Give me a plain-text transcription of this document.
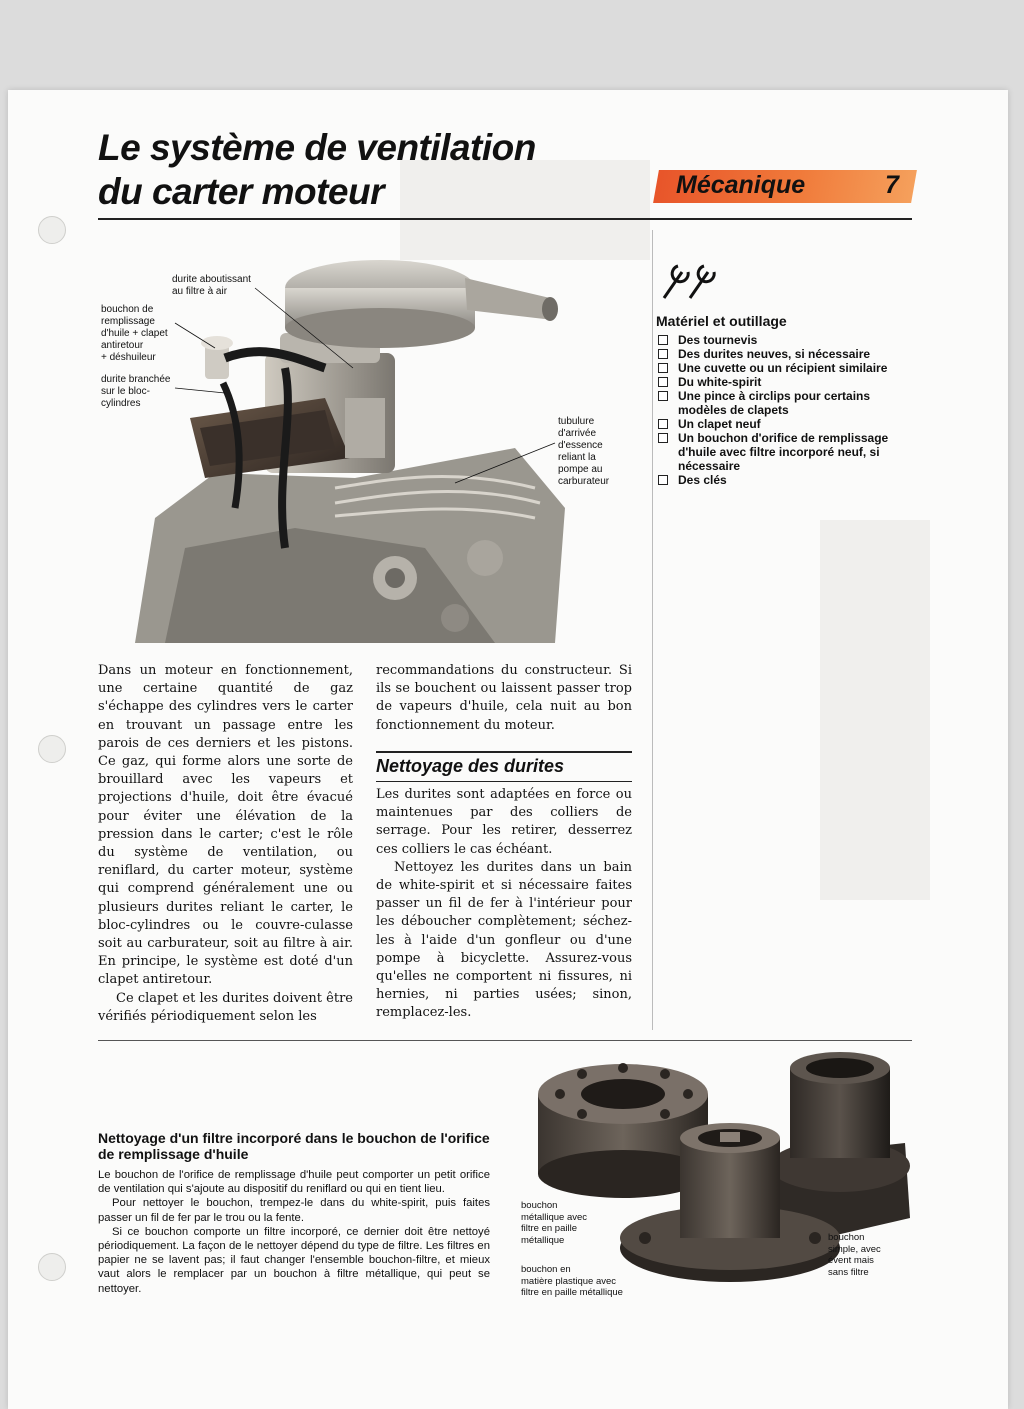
Le système de ventilation
du carter moteur	Mécanique	7
durite aboutissant
au filtre à air
bouchon de
remplissage
d'huile + clapet
antiretour
+ déshuileur
durite branchée
sur le bloc-
cylindres
tubulure
d'arrivée
d'essence
reliant la
pompe au
carburateur
Matériel et outillage
Des tournevis
Des durites neuves, si nécessaire
Une cuvette ou un récipient similaire
Du white-spirit
Une pince à circlips pour certains modèles de clapets
Un clapet neuf
Un bouchon d'orifice de remplissage d'huile avec filtre incorporé neuf, si nécessaire
Des clés

Dans un moteur en fonctionnement, une certaine quantité de gaz s'échappe des cylindres vers le carter en trouvant un passage entre les parois de ces derniers et les pistons. Ce gaz, qui forme alors une sorte de brouillard avec les vapeurs et projections d'huile, doit être évacué pour éviter une élévation de la pression dans le carter; c'est le rôle du système de ventilation, ou reniflard, du carter moteur, système qui comprend généralement une ou plusieurs durites reliant le carter, le bloc-cylindres ou le couvre-culasse soit au carburateur, soit au filtre à air. En principe, le système est doté d'un clapet antiretour.

Ce clapet et les durites doivent être vérifiés périodiquement selon les

recommandations du constructeur. Si ils se bouchent ou laissent passer trop de vapeurs d'huile, cela nuit au bon fonctionnement du moteur.

Nettoyage des durites

Les durites sont adaptées en force ou maintenues par des colliers de serrage. Pour les retirer, desserrez ces colliers le cas échéant.

Nettoyez les durites dans un bain de white-spirit et si nécessaire faites passer un fil de fer à l'intérieur pour les déboucher complètement; séchez-les à l'aide d'un gonfleur ou d'une pompe à bicyclette. Assurez-vous qu'elles ne comportent ni fissures, ni hernies, ni parties usées; sinon, remplacez-les.

Nettoyage d'un filtre incorporé dans le bouchon de l'orifice de remplissage d'huile

Le bouchon de l'orifice de remplissage d'huile peut comporter un petit orifice de ventilation qui s'ajoute au dispositif du reniflard ou qui en tient lieu.

Pour nettoyer le bouchon, trempez-le dans du white-spirit, puis faites passer un fil de fer par le trou ou la fente.

Si ce bouchon comporte un filtre incorporé, ce dernier doit être nettoyé périodiquement. La façon de le nettoyer dépend du type de filtre. Les filtres en papier ne se lavent pas; il faut changer l'ensemble bouchon-filtre, et mieux vaut alors le remplacer par un bouchon à filtre métallique, qui peut se nettoyer.

bouchon
métallique avec
filtre en paille
métallique
bouchon en
matière plastique avec
filtre en paille métallique
bouchon
simple, avec
évent mais
sans filtre
